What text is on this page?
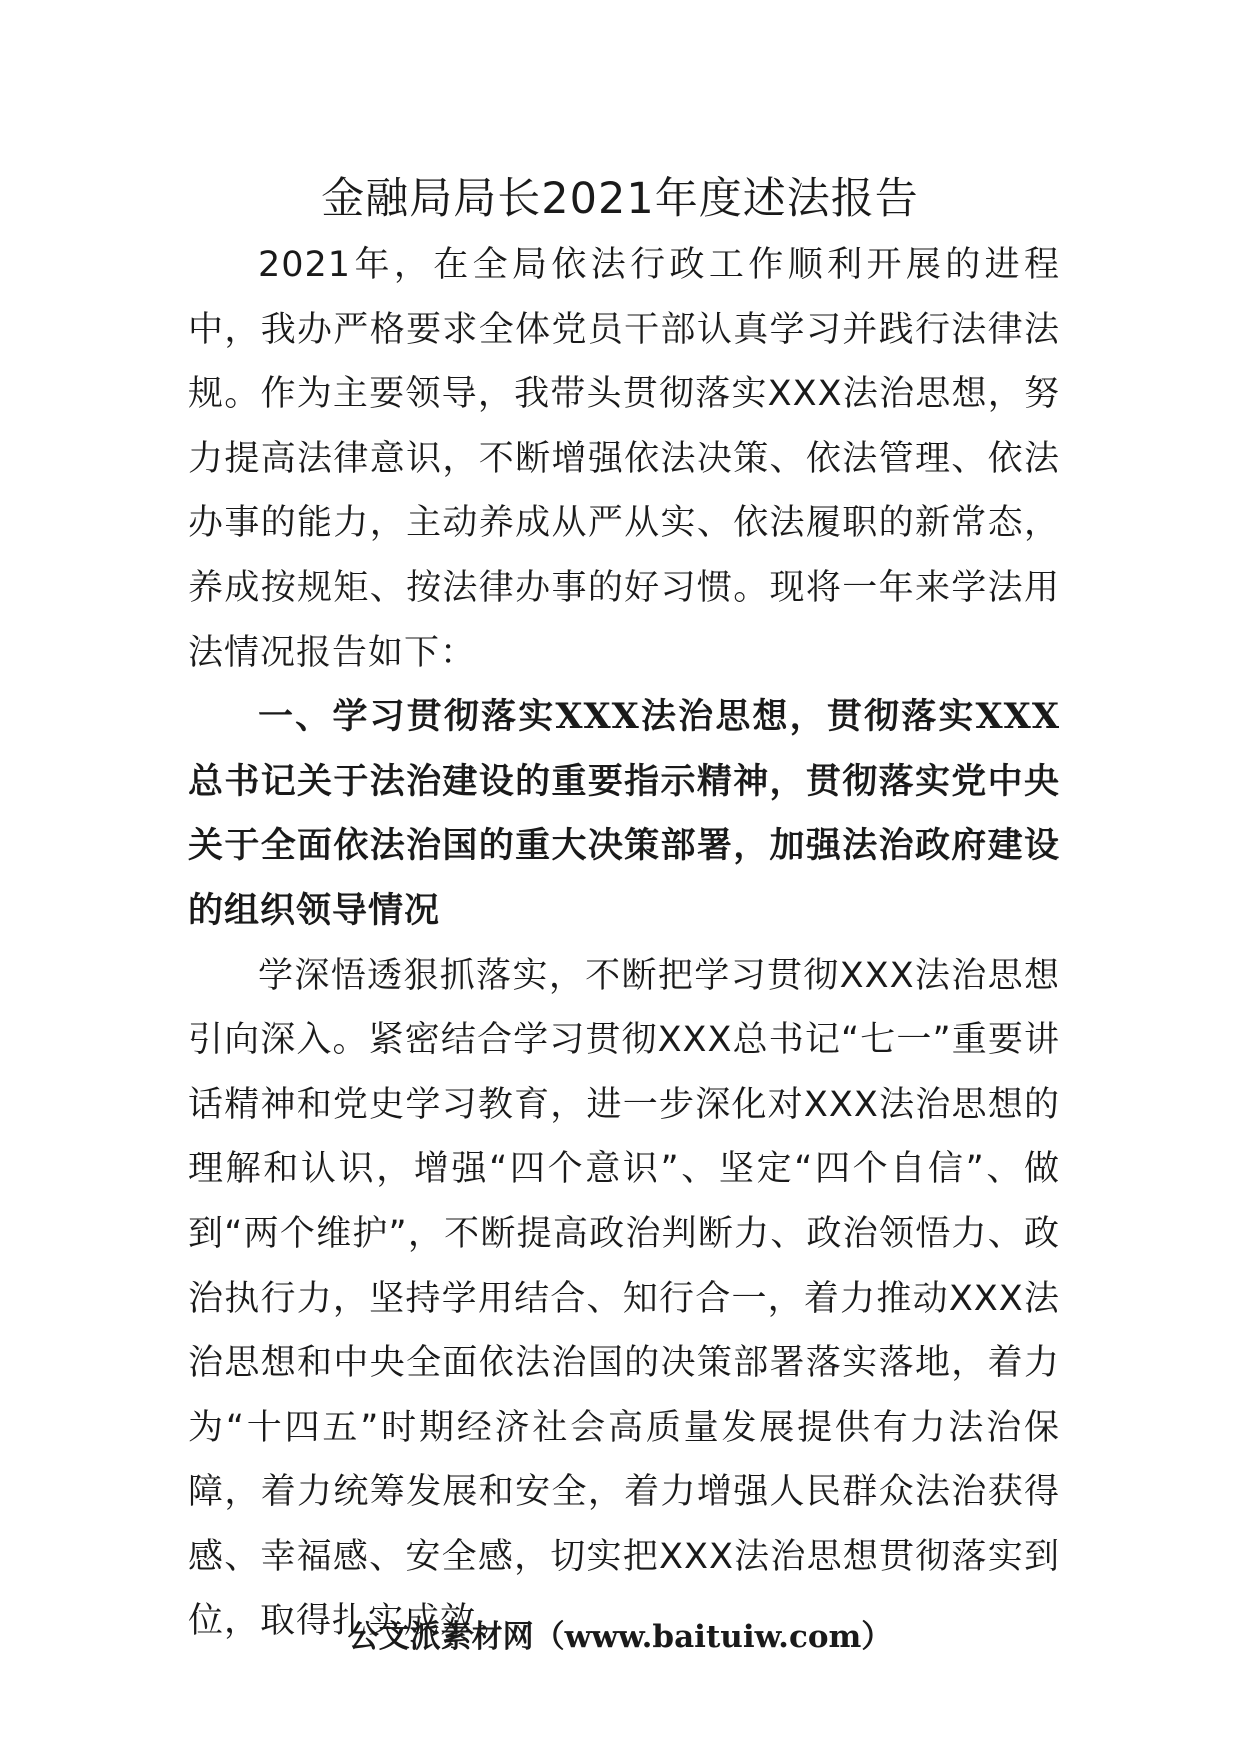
金融局局长2021年度述法报告

2021年，在全局依法行政工作顺利开展的进程中，我办严格要求全体党员干部认真学习并践行法律法规。作为主要领导，我带头贯彻落实XXX法治思想，努力提高法律意识，不断增强依法决策、依法管理、依法办事的能力，主动养成从严从实、依法履职的新常态，养成按规矩、按法律办事的好习惯。现将一年来学法用法情况报告如下：

一、学习贯彻落实XXX法治思想，贯彻落实XXX总书记关于法治建设的重要指示精神，贯彻落实党中央关于全面依法治国的重大决策部署，加强法治政府建设的组织领导情况

学深悟透狠抓落实，不断把学习贯彻XXX法治思想引向深入。紧密结合学习贯彻XXX总书记“七一”重要讲话精神和党史学习教育，进一步深化对XXX法治思想的理解和认识，增强“四个意识”、坚定“四个自信”、做到“两个维护”，不断提高政治判断力、政治领悟力、政治执行力，坚持学用结合、知行合一，着力推动XXX法治思想和中央全面依法治国的决策部署落实落地，着力为“十四五”时期经济社会高质量发展提供有力法治保障，着力统筹发展和安全，着力增强人民群众法治获得感、幸福感、安全感，切实把XXX法治思想贯彻落实到位，取得扎实成效。

公文派素材网（www.baituiw.com）
